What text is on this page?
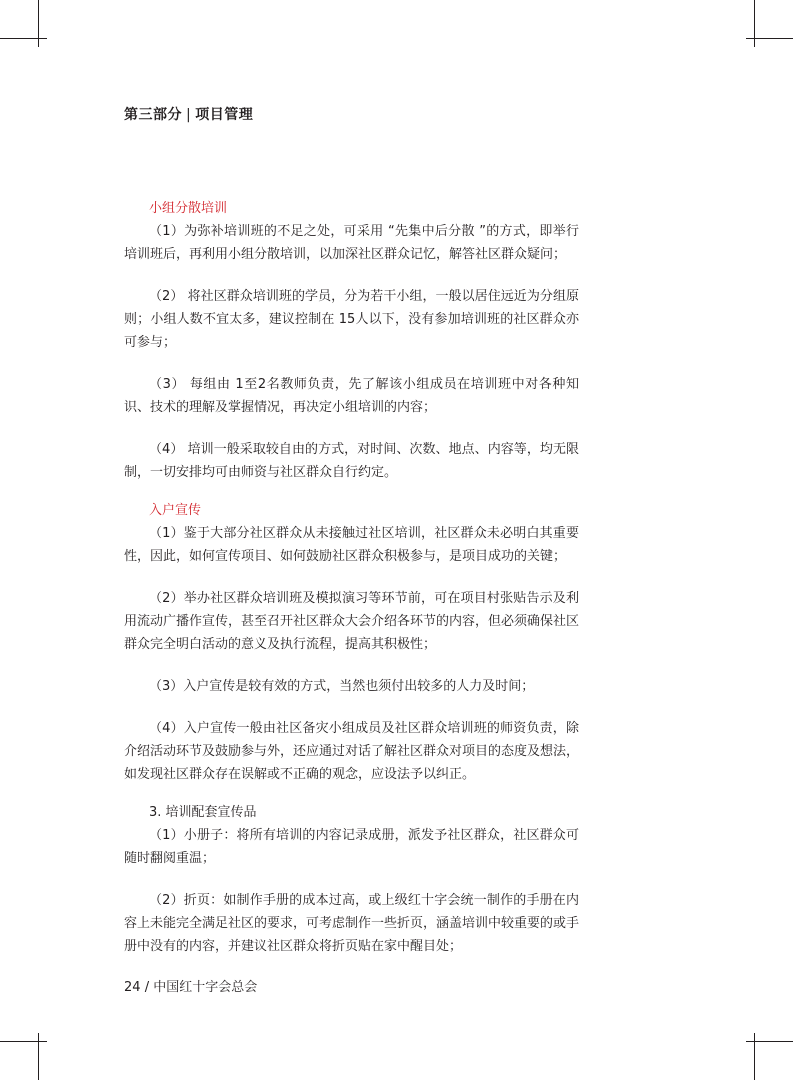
第三部分 | 项目管理

小组分散培训

（1）为弥补培训班的不足之处，可采用 “先集中后分散 ”的方式，即举行培训班后，再利用小组分散培训，以加深社区群众记忆，解答社区群众疑问；

（2） 将社区群众培训班的学员，分为若干小组，一般以居住远近为分组原则；小组人数不宜太多，建议控制在 15人以下，没有参加培训班的社区群众亦可参与；

（3） 每组由 1至2名教师负责，先了解该小组成员在培训班中对各种知识、技术的理解及掌握情况，再决定小组培训的内容；

（4） 培训一般采取较自由的方式，对时间、次数、地点、内容等，均无限制，一切安排均可由师资与社区群众自行约定。

入户宣传

（1）鉴于大部分社区群众从未接触过社区培训，社区群众未必明白其重要性，因此，如何宣传项目、如何鼓励社区群众积极参与，是项目成功的关键；

（2）举办社区群众培训班及模拟演习等环节前，可在项目村张贴告示及利用流动广播作宣传，甚至召开社区群众大会介绍各环节的内容，但必须确保社区群众完全明白活动的意义及执行流程，提高其积极性；

（3）入户宣传是较有效的方式，当然也须付出较多的人力及时间；

（4）入户宣传一般由社区备灾小组成员及社区群众培训班的师资负责，除介绍活动环节及鼓励参与外，还应通过对话了解社区群众对项目的态度及想法，如发现社区群众存在误解或不正确的观念，应设法予以纠正。

3. 培训配套宣传品

（1）小册子：将所有培训的内容记录成册，派发予社区群众，社区群众可随时翻阅重温；

（2）折页：如制作手册的成本过高，或上级红十字会统一制作的手册在内容上未能完全满足社区的要求，可考虑制作一些折页，涵盖培训中较重要的或手册中没有的内容，并建议社区群众将折页贴在家中醒目处；

24 / 中国红十字会总会
